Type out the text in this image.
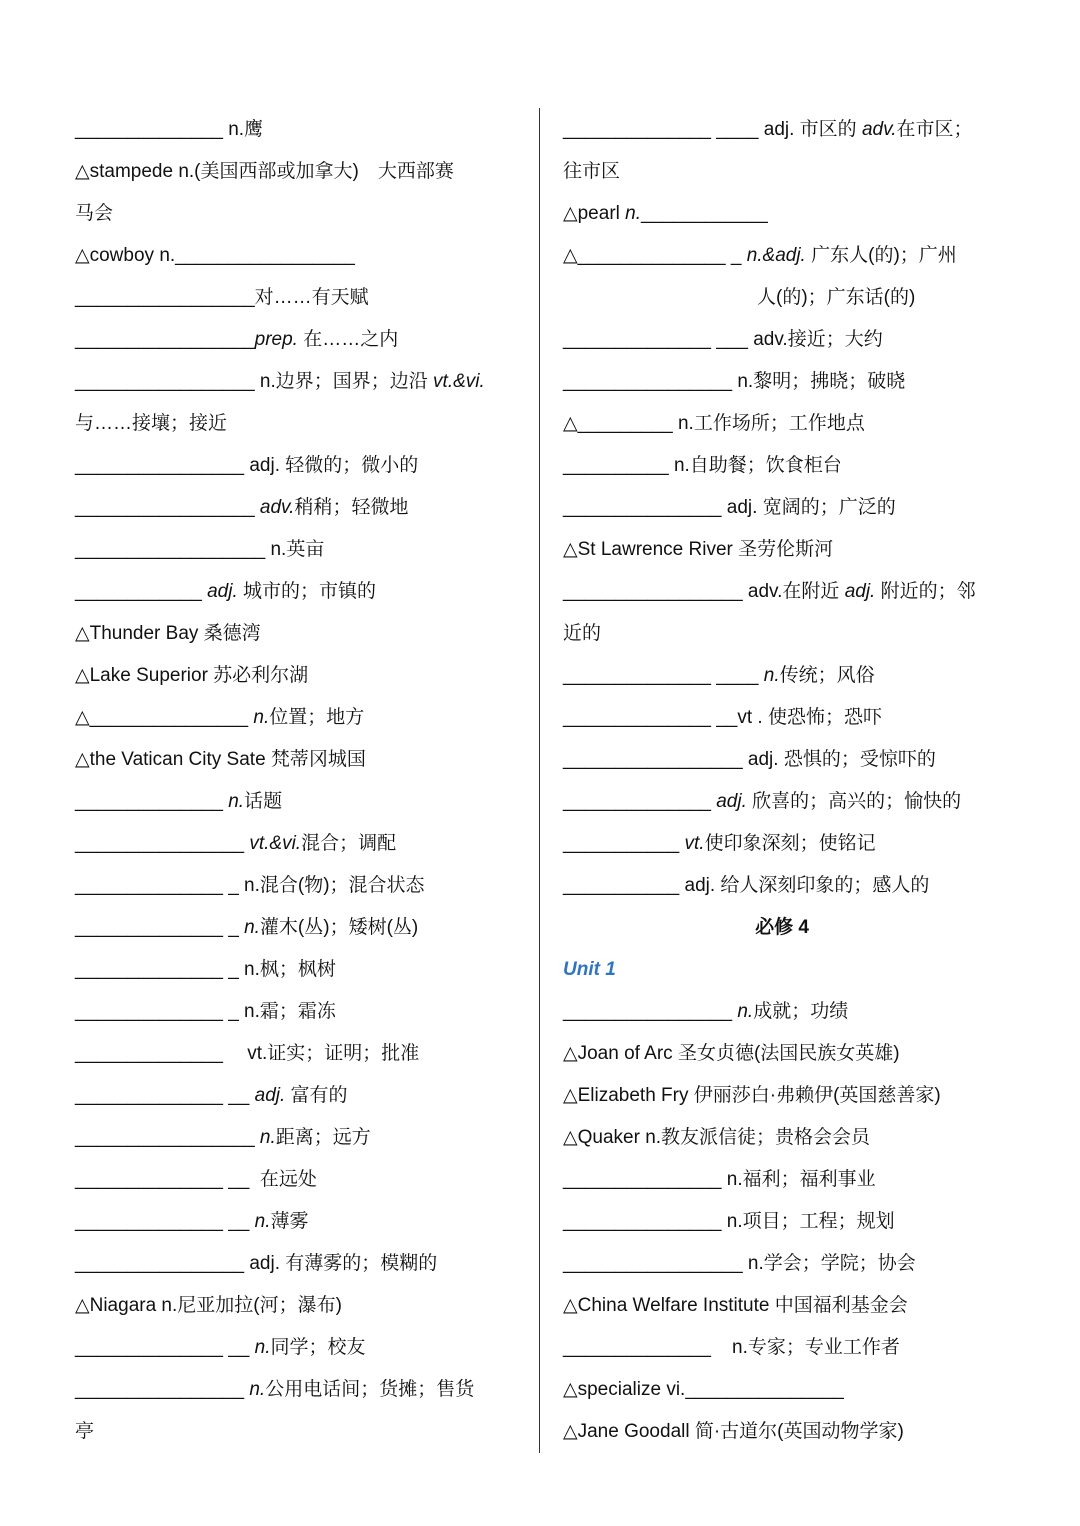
______________ n.鹰
△stampede n.(美国西部或加拿大)　大西部赛
马会
△cowboy n._________________
_________________对……有天赋
_________________prep. 在……之内
_________________ n.边界；国界；边沿 vt.&vi.
与……接壤；接近
________________ adj. 轻微的；微小的
_________________ adv.稍稍；轻微地
__________________ n.英亩
____________ adj. 城市的；市镇的
△Thunder Bay 桑德湾
△Lake Superior 苏必利尔湖
△_______________ n.位置；地方
△the Vatican City Sate 梵蒂冈城国
______________ n.话题
________________ vt.&vi.混合；调配
______________ _ n.混合(物)；混合状态
______________ _ n.灌木(丛)；矮树(丛)
______________ _ n.枫；枫树
______________ _ n.霜；霜冻
______________　 vt.证实；证明；批准
______________ __ adj. 富有的
_________________ n.距离；远方
______________ __  在远处
______________ __ n.薄雾
________________ adj. 有薄雾的；模糊的
△Niagara n.尼亚加拉(河；瀑布)
______________ __ n.同学；校友
________________ n.公用电话间；货摊；售货
亭
______________ ____ adj. 市区的 adv.在市区；
往市区
△pearl n.____________
△______________ _ n.&adj. 广东人(的)；广州
人(的)；广东话(的)
______________ ___ adv.接近；大约
________________ n.黎明；拂晓；破晓
△_________ n.工作场所；工作地点
__________ n.自助餐；饮食柜台
_______________ adj. 宽阔的；广泛的
△St Lawrence River 圣劳伦斯河
_________________ adv.在附近 adj. 附近的；邻
近的
______________ ____ n.传统；风俗
______________ __vt . 使恐怖；恐吓
_________________ adj. 恐惧的；受惊吓的
______________ adj. 欣喜的；高兴的；愉快的
___________ vt.使印象深刻；使铭记
___________ adj. 给人深刻印象的；感人的
必修 4
Unit 1
________________ n.成就；功绩
△Joan of Arc 圣女贞德(法国民族女英雄)
△Elizabeth Fry 伊丽莎白·弗赖伊(英国慈善家)
△Quaker n.教友派信徒；贵格会会员
_______________ n.福利；福利事业
_______________ n.项目；工程；规划
_________________ n.学会；学院；协会
△China Welfare Institute 中国福利基金会
______________    n.专家；专业工作者
△specialize vi._______________
△Jane Goodall 简·古道尔(英国动物学家)
